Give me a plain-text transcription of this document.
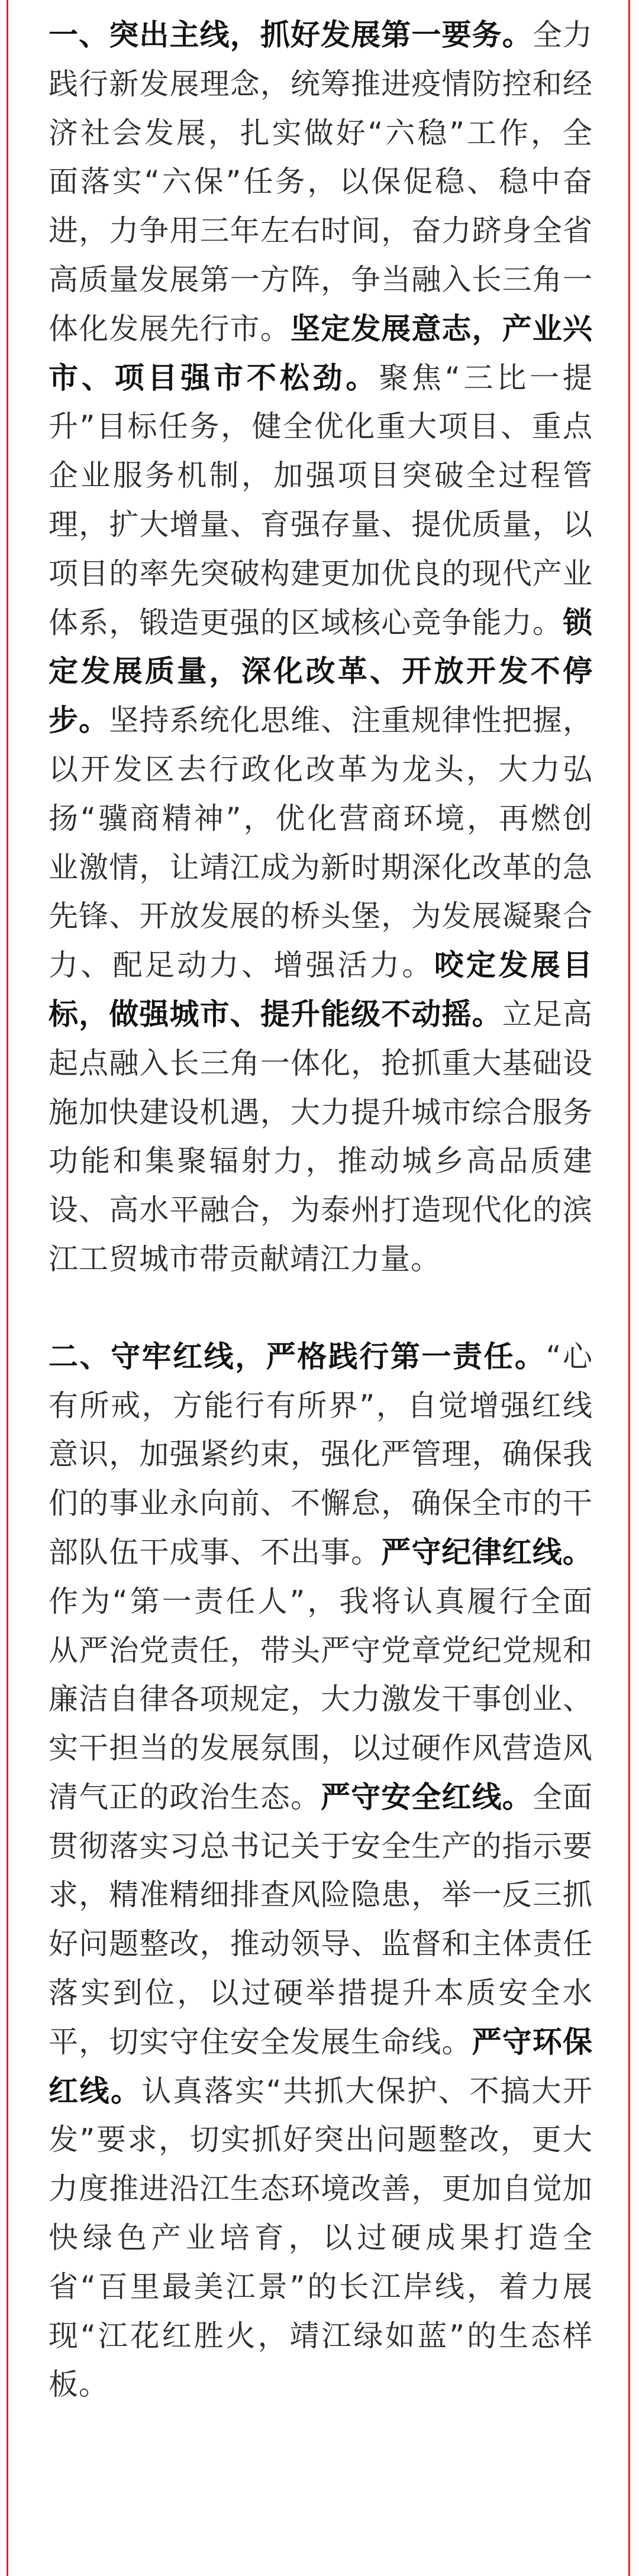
一、突出主线，抓好发展第一要务。全力践行新发展理念，统筹推进疫情防控和经济社会发展，扎实做好“六稳”工作，全面落实“六保”任务，以保促稳、稳中奋进，力争用三年左右时间，奋力跻身全省高质量发展第一方阵，争当融入长三角一体化发展先行市。坚定发展意志，产业兴市、项目强市不松劲。聚焦“三比一提升”目标任务，健全优化重大项目、重点企业服务机制，加强项目突破全过程管理，扩大增量、育强存量、提优质量，以项目的率先突破构建更加优良的现代产业体系，锻造更强的区域核心竞争能力。锁定发展质量，深化改革、开放开发不停步。坚持系统化思维、注重规律性把握，以开发区去行政化改革为龙头，大力弘扬“骥商精神”，优化营商环境，再燃创业激情，让靖江成为新时期深化改革的急先锋、开放发展的桥头堡，为发展凝聚合力、配足动力、增强活力。咬定发展目标，做强城市、提升能级不动摇。立足高起点融入长三角一体化，抢抓重大基础设施加快建设机遇，大力提升城市综合服务功能和集聚辐射力，推动城乡高品质建设、高水平融合，为泰州打造现代化的滨江工贸城市带贡献靖江力量。

二、守牢红线，严格践行第一责任。“心有所戒，方能行有所界”，自觉增强红线意识，加强紧约束，强化严管理，确保我们的事业永向前、不懈怠，确保全市的干部队伍干成事、不出事。严守纪律红线。作为“第一责任人”，我将认真履行全面从严治党责任，带头严守党章党纪党规和廉洁自律各项规定，大力激发干事创业、实干担当的发展氛围，以过硬作风营造风清气正的政治生态。严守安全红线。全面贯彻落实习总书记关于安全生产的指示要求，精准精细排查风险隐患，举一反三抓好问题整改，推动领导、监督和主体责任落实到位，以过硬举措提升本质安全水平，切实守住安全发展生命线。严守环保红线。认真落实“共抓大保护、不搞大开发”要求，切实抓好突出问题整改，更大力度推进沿江生态环境改善，更加自觉加快绿色产业培育，以过硬成果打造全省“百里最美江景”的长江岸线，着力展现“江花红胜火，靖江绿如蓝”的生态样板。
